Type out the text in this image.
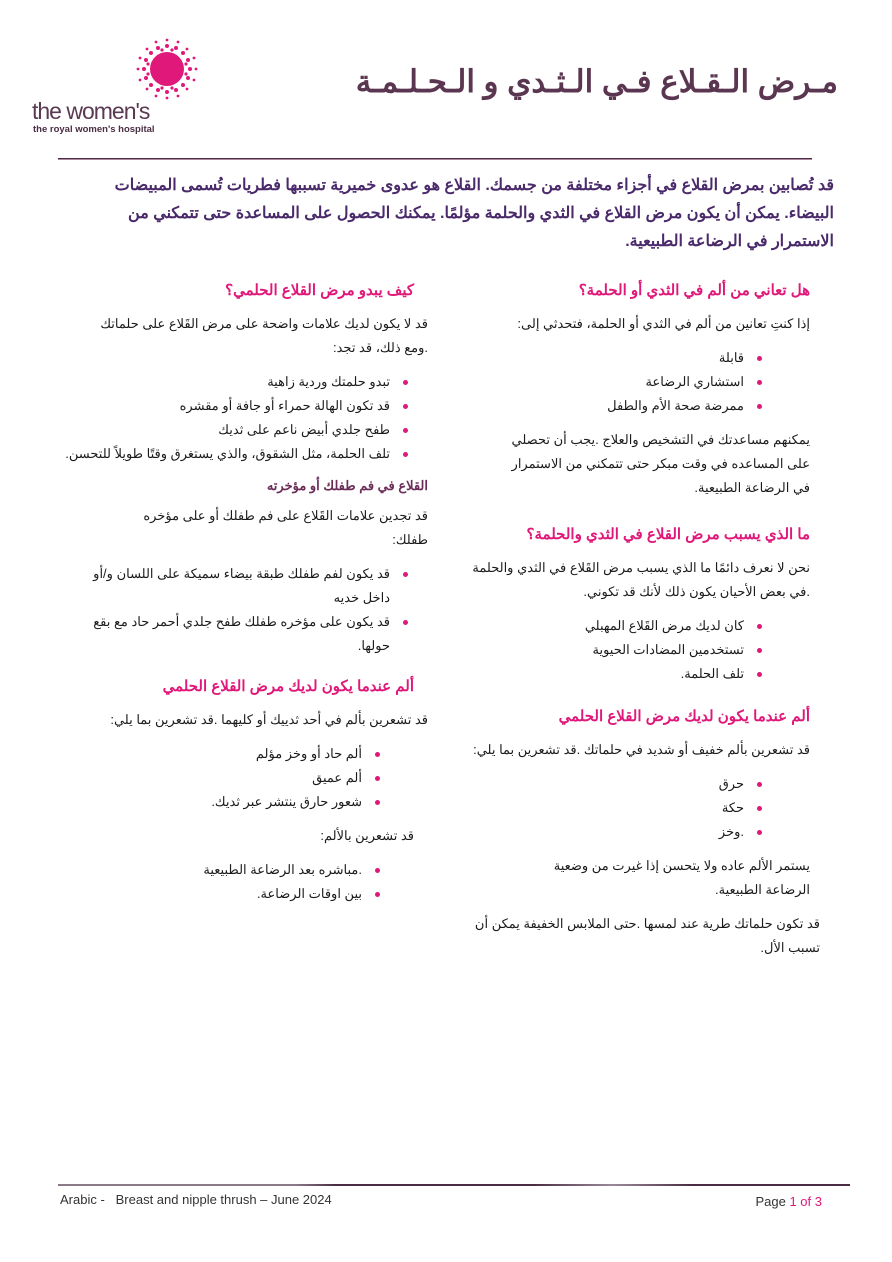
the women's
the royal women's hospital
مـرض الـقـلاع فـي الـثـدي و الـحـلـمـة

قد تُصابين بمرض القلاع في أجزاء مختلفة من جسمك. القلاع هو عدوى خميرية تسببها فطريات تُسمى المبيضات البيضاء. يمكن أن يكون مرض القلاع في الثدي والحلمة مؤلمًا. يمكنك الحصول على المساعدة حتى تتمكني من الاستمرار في الرضاعة الطبيعية.

هل تعاني من ألم في الثدي أو الحلمة؟

إذا كنتِ تعانين من ألم في الثدي أو الحلمة، فتحدثي إلى:

قابلة
استشاري الرضاعة
ممرضة صحة الأم والطفل

يمكنهم مساعدتك في التشخيص والعلاج .يجب أن تحصلي على المساعده في وقت مبكر حتى تتمكني من الاستمرار في الرضاعة الطبيعية.

ما الذي يسبب مرض القلاع في الثدي والحلمة؟

نحن لا نعرف دائمًا ما الذي يسبب مرض القَلاع في الثدي والحلمة .في بعض الأحيان يكون ذلك لأنك قد تكوني.

كان لديك مرض القَلاع المهبلي
تستخدمين المضادات الحيوية
تلف الحلمة.
ألم عندما يكون لديك مرض القلاع الحلمي

قد تشعرين بألم خفيف أو شديد في حلماتك .قد تشعرين بما يلي:

حرق
حكة
.وخز

يستمر الألم عاده ولا يتحسن إذا غيرت من وضعية الرضاعة الطبيعية.

قد تكون حلماتك طرية عند لمسها .حتى الملابس الخفيفة يمكن أن تسبب الأل.

كيف يبدو مرض القلاع الحلمي؟

قد لا يكون لديك علامات واضحة على مرض القَلاع على حلماتك .ومع ذلك، قد تجد:

تبدو حلمتك وردية زاهية
قد تكون الهالة حمراء أو جافة أو مقشره
طفح جلدي أبيض ناعم على ثديك
تلف الحلمة، مثل الشقوق، والذي يستغرق وقتًا طويلاً للتحسن.
القلاع في فم طفلك أو مؤخرته

قد تجدين علامات القَلاع على فم طفلك أو على مؤخره طفلك:

قد يكون لفم طفلك طبقة بيضاء سميكة على اللسان و/أو داخل خديه
قد يكون على مؤخره طفلك طفح جلدي أحمر حاد مع بقع حولها.
ألم عندما يكون لديك مرض القلاع الحلمي

قد تشعرين بألم في أحد ثدييك أو كليهما .قد تشعرين بما يلي:

ألم حاد أو وخز مؤلم
ألم عميق
شعور حارق ينتشر عبر ثديك.

قد تشعرين بالألم:

.مباشره بعد الرضاعة الطبيعية
بين اوقات الرضاعة.
Arabic -   Breast and nipple thrush – June 2024	Page 1 of 3
